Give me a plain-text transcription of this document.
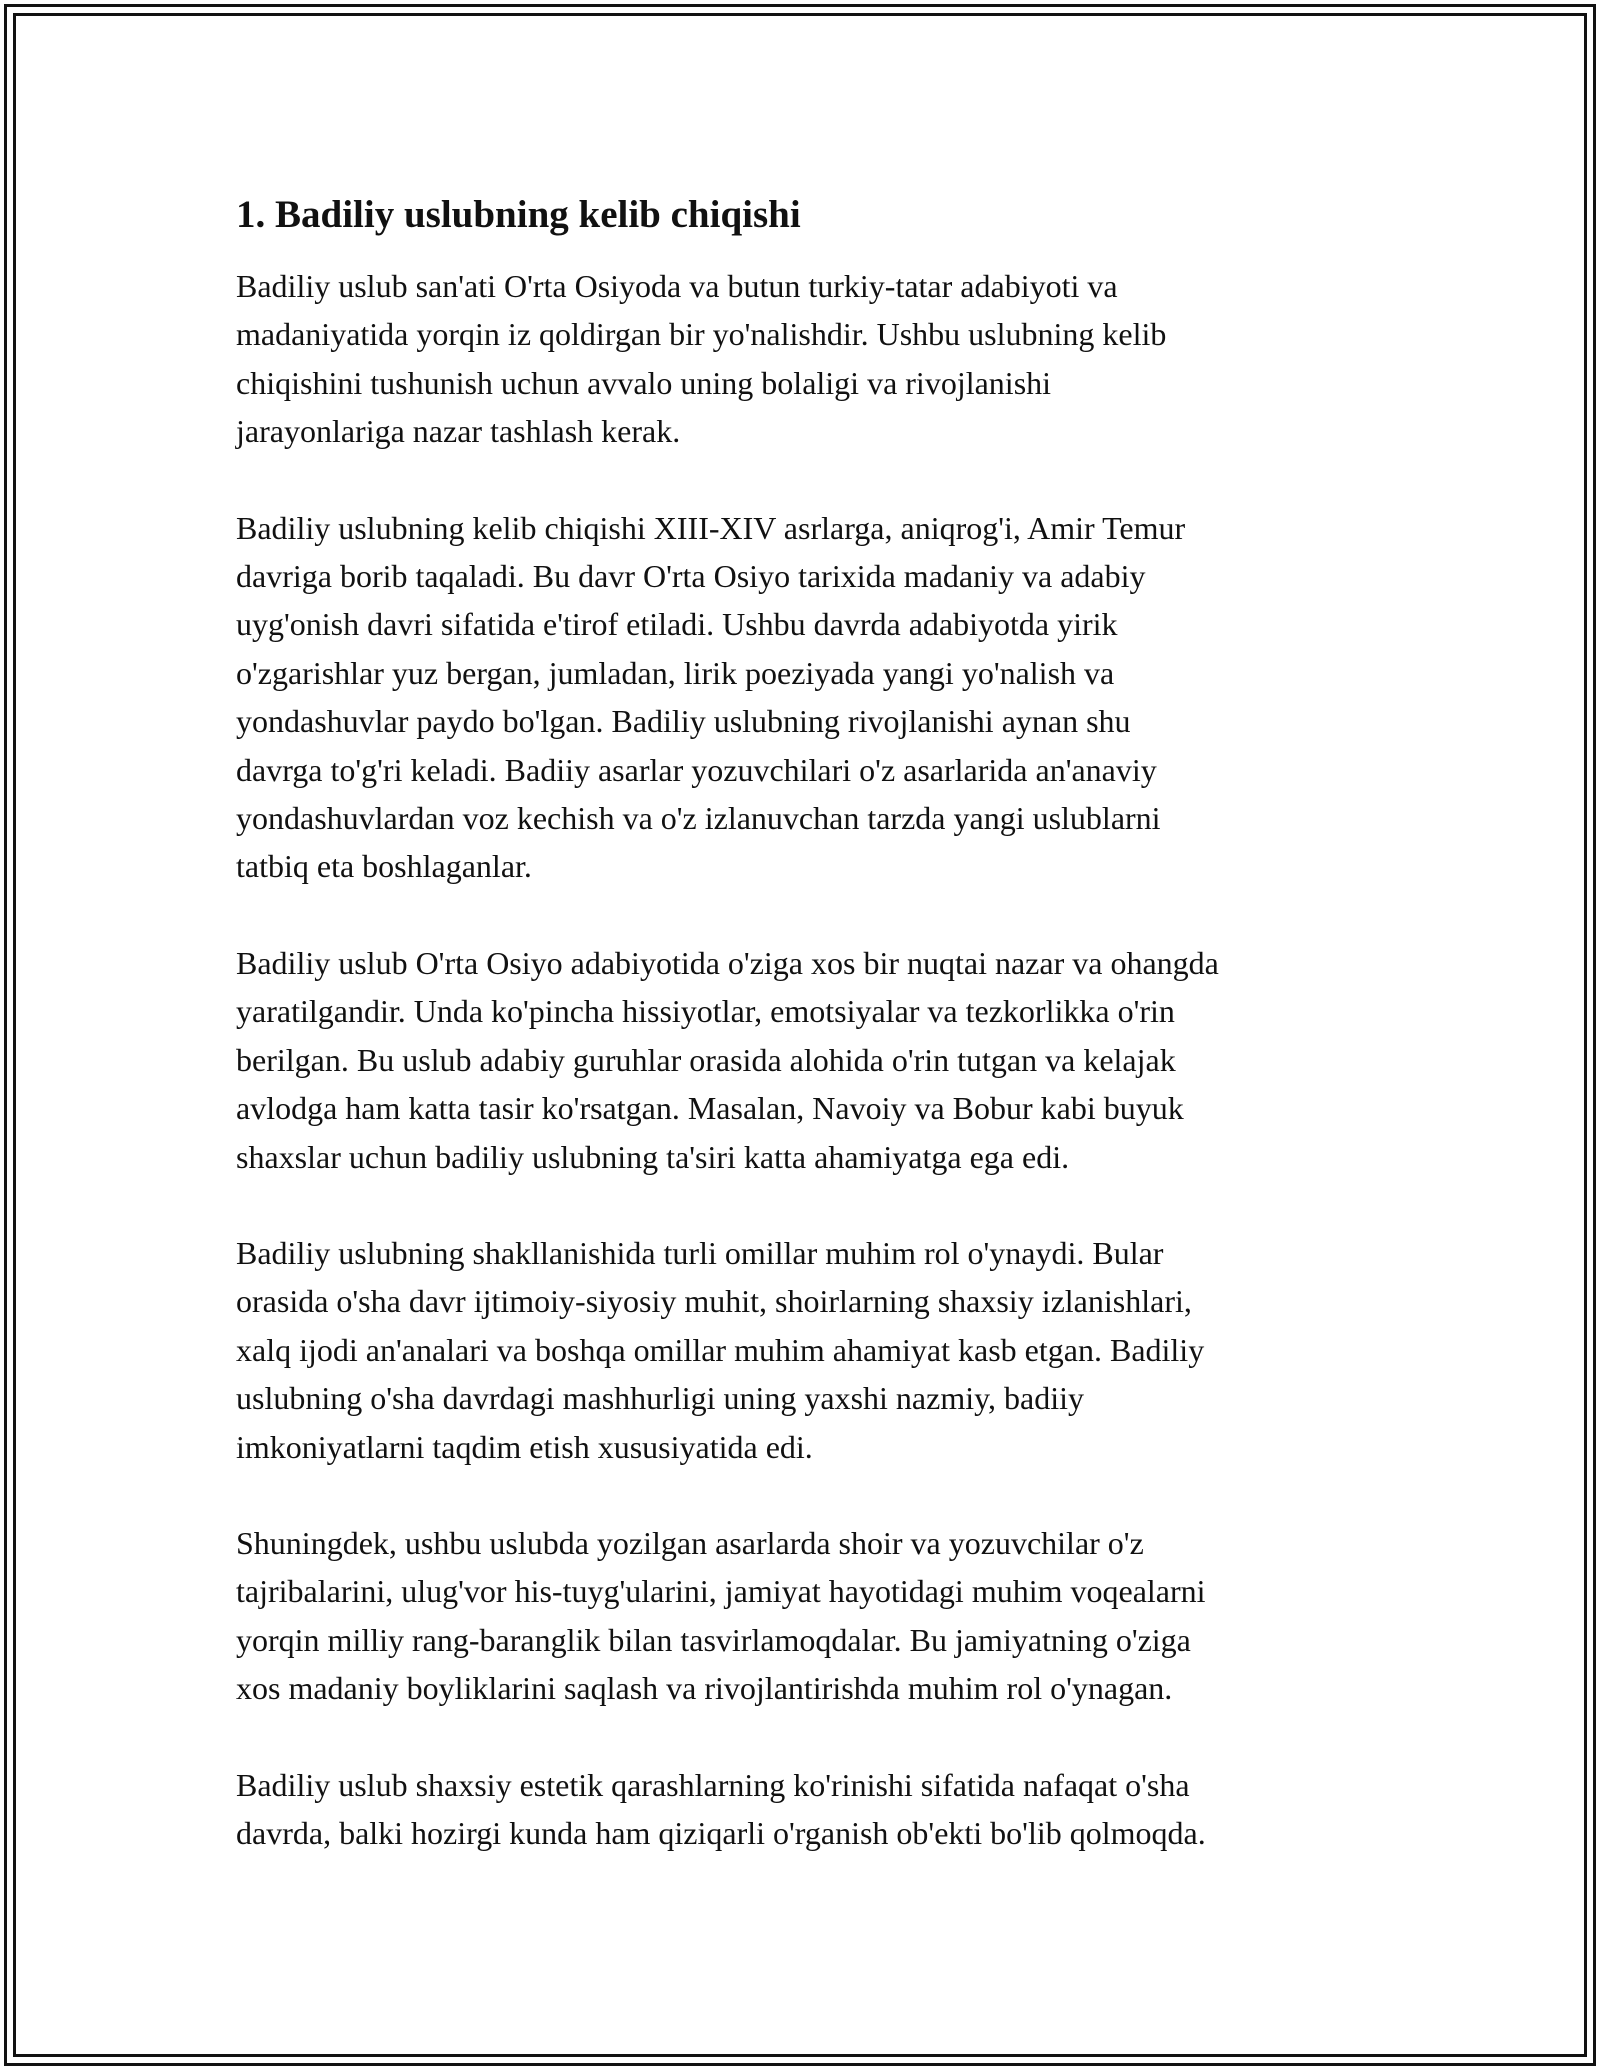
1. Badiliy uslubning kelib chiqishi

Badiliy uslub san'ati O'rta Osiyoda va butun turkiy-tatar adabiyoti va
madaniyatida yorqin iz qoldirgan bir yo'nalishdir. Ushbu uslubning kelib
chiqishini tushunish uchun avvalo uning bolaligi va rivojlanishi
jarayonlariga nazar tashlash kerak.

Badiliy uslubning kelib chiqishi XIII-XIV asrlarga, aniqrog'i, Amir Temur
davriga borib taqaladi. Bu davr O'rta Osiyo tarixida madaniy va adabiy
uyg'onish davri sifatida e'tirof etiladi. Ushbu davrda adabiyotda yirik
o'zgarishlar yuz bergan, jumladan, lirik poeziyada yangi yo'nalish va
yondashuvlar paydo bo'lgan. Badiliy uslubning rivojlanishi aynan shu
davrga to'g'ri keladi. Badiiy asarlar yozuvchilari o'z asarlarida an'anaviy
yondashuvlardan voz kechish va o'z izlanuvchan tarzda yangi uslublarni
tatbiq eta boshlaganlar.

Badiliy uslub O'rta Osiyo adabiyotida o'ziga xos bir nuqtai nazar va ohangda
yaratilgandir. Unda ko'pincha hissiyotlar, emotsiyalar va tezkorlikka o'rin
berilgan. Bu uslub adabiy guruhlar orasida alohida o'rin tutgan va kelajak
avlodga ham katta tasir ko'rsatgan. Masalan, Navoiy va Bobur kabi buyuk
shaxslar uchun badiliy uslubning ta'siri katta ahamiyatga ega edi.

Badiliy uslubning shakllanishida turli omillar muhim rol o'ynaydi. Bular
orasida o'sha davr ijtimoiy-siyosiy muhit, shoirlarning shaxsiy izlanishlari,
xalq ijodi an'analari va boshqa omillar muhim ahamiyat kasb etgan. Badiliy
uslubning o'sha davrdagi mashhurligi uning yaxshi nazmiy, badiiy
imkoniyatlarni taqdim etish xususiyatida edi.

Shuningdek, ushbu uslubda yozilgan asarlarda shoir va yozuvchilar o'z
tajribalarini, ulug'vor his-tuyg'ularini, jamiyat hayotidagi muhim voqealarni
yorqin milliy rang-baranglik bilan tasvirlamoqdalar. Bu jamiyatning o'ziga
xos madaniy boyliklarini saqlash va rivojlantirishda muhim rol o'ynagan.

Badiliy uslub shaxsiy estetik qarashlarning ko'rinishi sifatida nafaqat o'sha
davrda, balki hozirgi kunda ham qiziqarli o'rganish ob'ekti bo'lib qolmoqda.
